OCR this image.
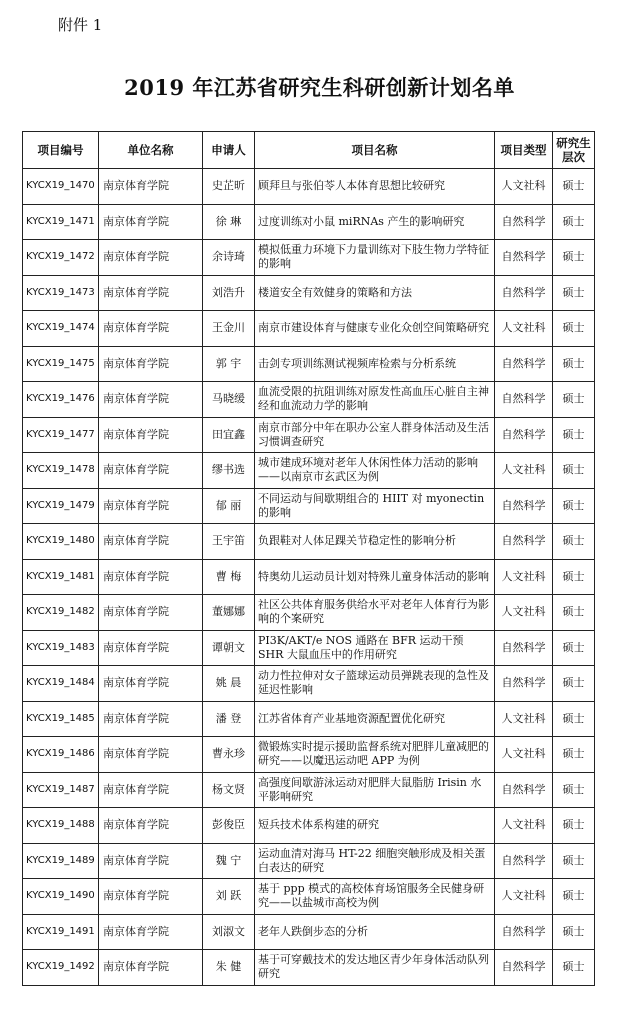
附件 1
2019 年江苏省研究生科研创新计划名单
项目编号	单位名称	申请人	项目名称	项目类型	研究生层次
KYCX19_1470	南京体育学院	史芷昕	顾拜旦与张伯苓人本体育思想比较研究	人文社科	硕士
KYCX19_1471	南京体育学院	徐 琳	过度训练对小鼠 miRNAs 产生的影响研究	自然科学	硕士
KYCX19_1472	南京体育学院	余诗琦	模拟低重力环境下力量训练对下肢生物力学特征的影响	自然科学	硕士
KYCX19_1473	南京体育学院	刘浩升	楼道安全有效健身的策略和方法	自然科学	硕士
KYCX19_1474	南京体育学院	王金川	南京市建设体育与健康专业化众创空间策略研究	人文社科	硕士
KYCX19_1475	南京体育学院	郭 宇	击剑专项训练测试视频库检索与分析系统	自然科学	硕士
KYCX19_1476	南京体育学院	马晓缓	血流受限的抗阻训练对原发性高血压心脏自主神经和血流动力学的影响	自然科学	硕士
KYCX19_1477	南京体育学院	田宜鑫	南京市部分中年在职办公室人群身体活动及生活习惯调查研究	自然科学	硕士
KYCX19_1478	南京体育学院	缪书选	城市建成环境对老年人休闲性体力活动的影响——以南京市玄武区为例	人文社科	硕士
KYCX19_1479	南京体育学院	郁 丽	不同运动与间歇期组合的 HIIT 对 myonectin 的影响	自然科学	硕士
KYCX19_1480	南京体育学院	王宇笛	负跟鞋对人体足踝关节稳定性的影响分析	自然科学	硕士
KYCX19_1481	南京体育学院	曹 梅	特奥幼儿运动员计划对特殊儿童身体活动的影响	人文社科	硕士
KYCX19_1482	南京体育学院	董娜娜	社区公共体育服务供给水平对老年人体育行为影响的个案研究	人文社科	硕士
KYCX19_1483	南京体育学院	谭朝文	PI3K/AKT/e NOS 通路在 BFR 运动干预 SHR 大鼠血压中的作用研究	自然科学	硕士
KYCX19_1484	南京体育学院	姚 晨	动力性拉伸对女子篮球运动员弹跳表现的急性及延迟性影响	自然科学	硕士
KYCX19_1485	南京体育学院	潘 登	江苏省体育产业基地资源配置优化研究	人文社科	硕士
KYCX19_1486	南京体育学院	曹永珍	微锻炼实时提示援助监督系统对肥胖儿童减肥的研究——以魔迅运动吧 APP 为例	人文社科	硕士
KYCX19_1487	南京体育学院	杨文贤	高强度间歇游泳运动对肥胖大鼠脂肪 Irisin 水平影响研究	自然科学	硕士
KYCX19_1488	南京体育学院	彭俊臣	短兵技术体系构建的研究	人文社科	硕士
KYCX19_1489	南京体育学院	魏 宁	运动血清对海马 HT-22 细胞突触形成及相关蛋白表达的研究	自然科学	硕士
KYCX19_1490	南京体育学院	刘 跃	基于 ppp 模式的高校体育场馆服务全民健身研究——以盐城市高校为例	人文社科	硕士
KYCX19_1491	南京体育学院	刘淑文	老年人跌倒步态的分析	自然科学	硕士
KYCX19_1492	南京体育学院	朱 健	基于可穿戴技术的发达地区青少年身体活动队列研究	自然科学	硕士
